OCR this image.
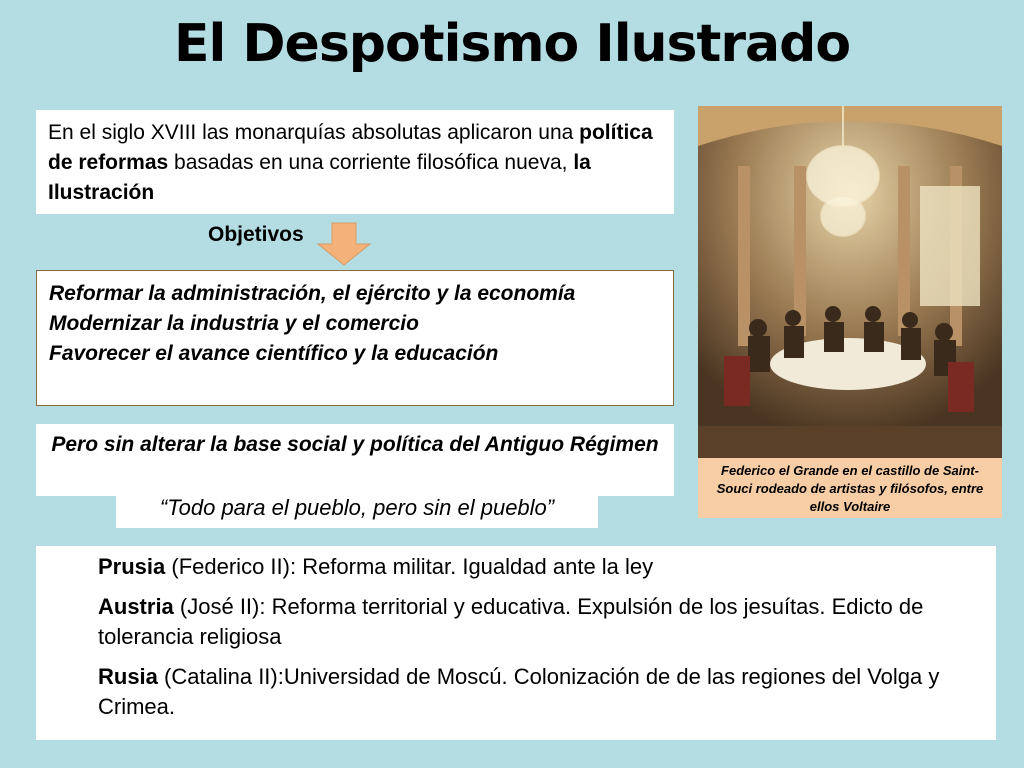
El Despotismo Ilustrado
En el siglo XVIII las monarquías absolutas aplicaron una política de reformas basadas en una corriente filosófica nueva, la Ilustración
Objetivos
Reformar la administración, el ejército y la economía
Modernizar la industria y el comercio
Favorecer el avance científico y la educación
Pero sin alterar la base social y política del Antiguo Régimen
“Todo para el pueblo, pero sin el pueblo”
Federico el Grande en el castillo de Saint-Souci rodeado de artistas y filósofos, entre ellos Voltaire
Prusia (Federico II): Reforma militar. Igualdad ante la ley
Austria (José II): Reforma territorial y educativa. Expulsión de los jesuítas. Edicto de tolerancia religiosa
Rusia (Catalina II):Universidad de Moscú. Colonización de de las regiones del Volga y Crimea.
